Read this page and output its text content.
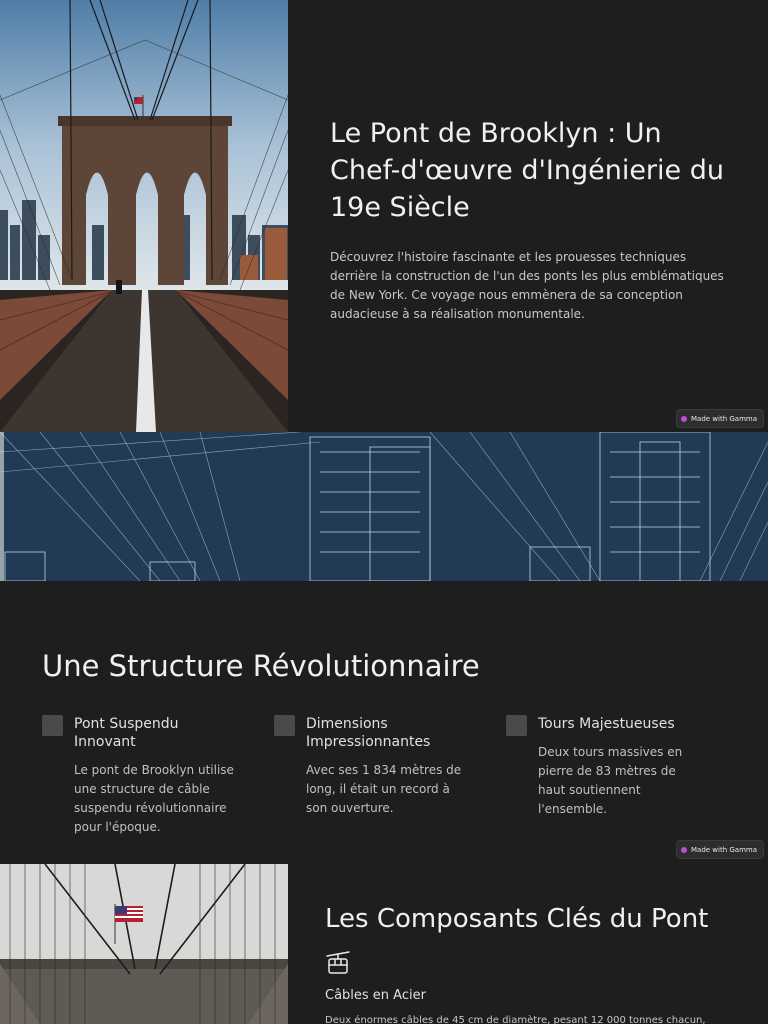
Le Pont de Brooklyn : Un Chef-d'œuvre d'Ingénierie du 19e Siècle

Découvrez l'histoire fascinante et les prouesses techniques derrière la construction de l'un des ponts les plus emblématiques de New York. Ce voyage nous emmènera de sa conception audacieuse à sa réalisation monumentale.

Made with Gamma
Une Structure Révolutionnaire
Pont Suspendu Innovant
Le pont de Brooklyn utilise une structure de câble suspendu révolutionnaire pour l'époque.
Dimensions Impressionnantes
Avec ses 1 834 mètres de long, il était un record à son ouverture.
Tours Majestueuses
Deux tours massives en pierre de 83 mètres de haut soutiennent l'ensemble.
Made with Gamma
Les Composants Clés du Pont
Câbles en Acier
Deux énormes câbles de 45 cm de diamètre, pesant 12 000 tonnes chacun,
